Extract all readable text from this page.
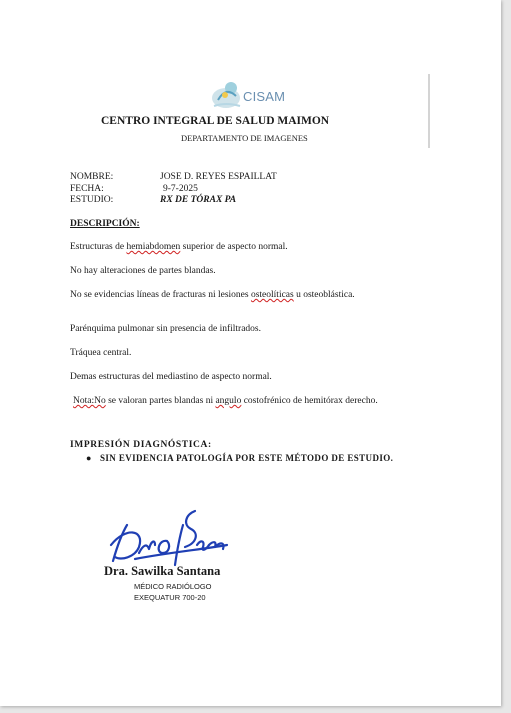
CISAM
CENTRO INTEGRAL DE SALUD MAIMON
DEPARTAMENTO DE IMAGENES
NOMBRE:	JOSE D. REYES ESPAILLAT
FECHA:	9-7-2025
ESTUDIO:	RX DE TÓRAX PA
DESCRIPCIÓN:
Estructuras de hemiabdomen superior de aspecto normal.
No hay alteraciones de partes blandas.
No se evidencias líneas de fracturas ni lesiones osteolíticas u osteoblástica.
Parénquima pulmonar sin presencia de infiltrados.
Tráquea central.
Demas estructuras del mediastino de aspecto normal.
Nota:No se valoran partes blandas ni angulo costofrénico de hemitórax derecho.
IMPRESIÓN DIAGNÓSTICA:
● SIN EVIDENCIA PATOLOGÍA POR ESTE MÉTODO DE ESTUDIO.
Dra. Sawilka Santana
MÉDICO RADIÓLOGO
EXEQUATUR 700-20
